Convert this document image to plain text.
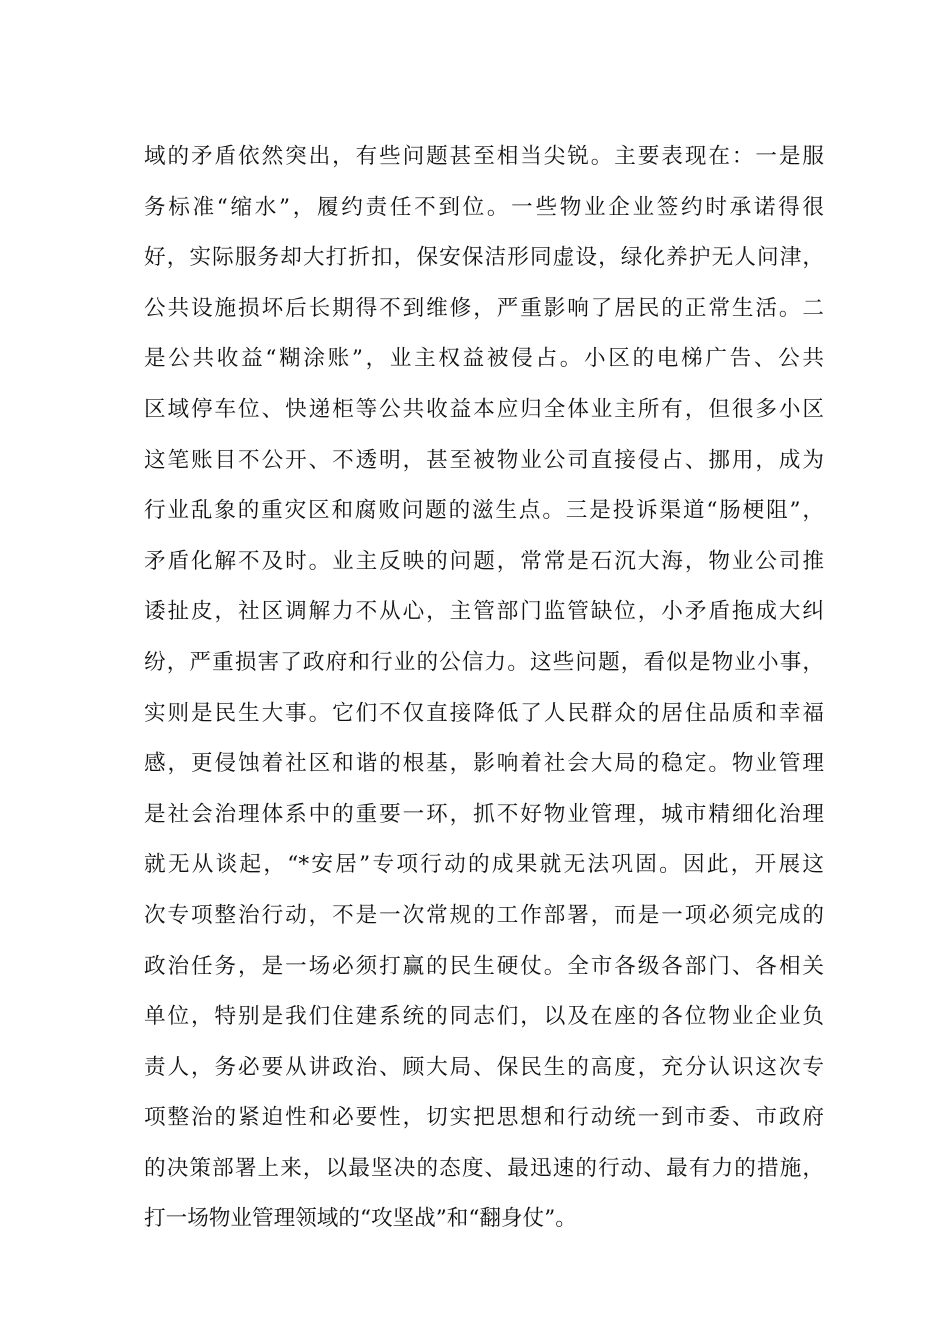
域的矛盾依然突出，有些问题甚至相当尖锐。主要表现在：一是服
务标准“缩水”，履约责任不到位。一些物业企业签约时承诺得很
好，实际服务却大打折扣，保安保洁形同虚设，绿化养护无人问津，
公共设施损坏后长期得不到维修，严重影响了居民的正常生活。二
是公共收益“糊涂账”，业主权益被侵占。小区的电梯广告、公共
区域停车位、快递柜等公共收益本应归全体业主所有，但很多小区
这笔账目不公开、不透明，甚至被物业公司直接侵占、挪用，成为
行业乱象的重灾区和腐败问题的滋生点。三是投诉渠道“肠梗阻”，
矛盾化解不及时。业主反映的问题，常常是石沉大海，物业公司推
诿扯皮，社区调解力不从心，主管部门监管缺位，小矛盾拖成大纠
纷，严重损害了政府和行业的公信力。这些问题，看似是物业小事，
实则是民生大事。它们不仅直接降低了人民群众的居住品质和幸福
感，更侵蚀着社区和谐的根基，影响着社会大局的稳定。物业管理
是社会治理体系中的重要一环，抓不好物业管理，城市精细化治理
就无从谈起，“*安居”专项行动的成果就无法巩固。因此，开展这
次专项整治行动，不是一次常规的工作部署，而是一项必须完成的
政治任务，是一场必须打赢的民生硬仗。全市各级各部门、各相关
单位，特别是我们住建系统的同志们，以及在座的各位物业企业负
责人，务必要从讲政治、顾大局、保民生的高度，充分认识这次专
项整治的紧迫性和必要性，切实把思想和行动统一到市委、市政府
的决策部署上来，以最坚决的态度、最迅速的行动、最有力的措施，
打一场物业管理领域的“攻坚战”和“翻身仗”。
